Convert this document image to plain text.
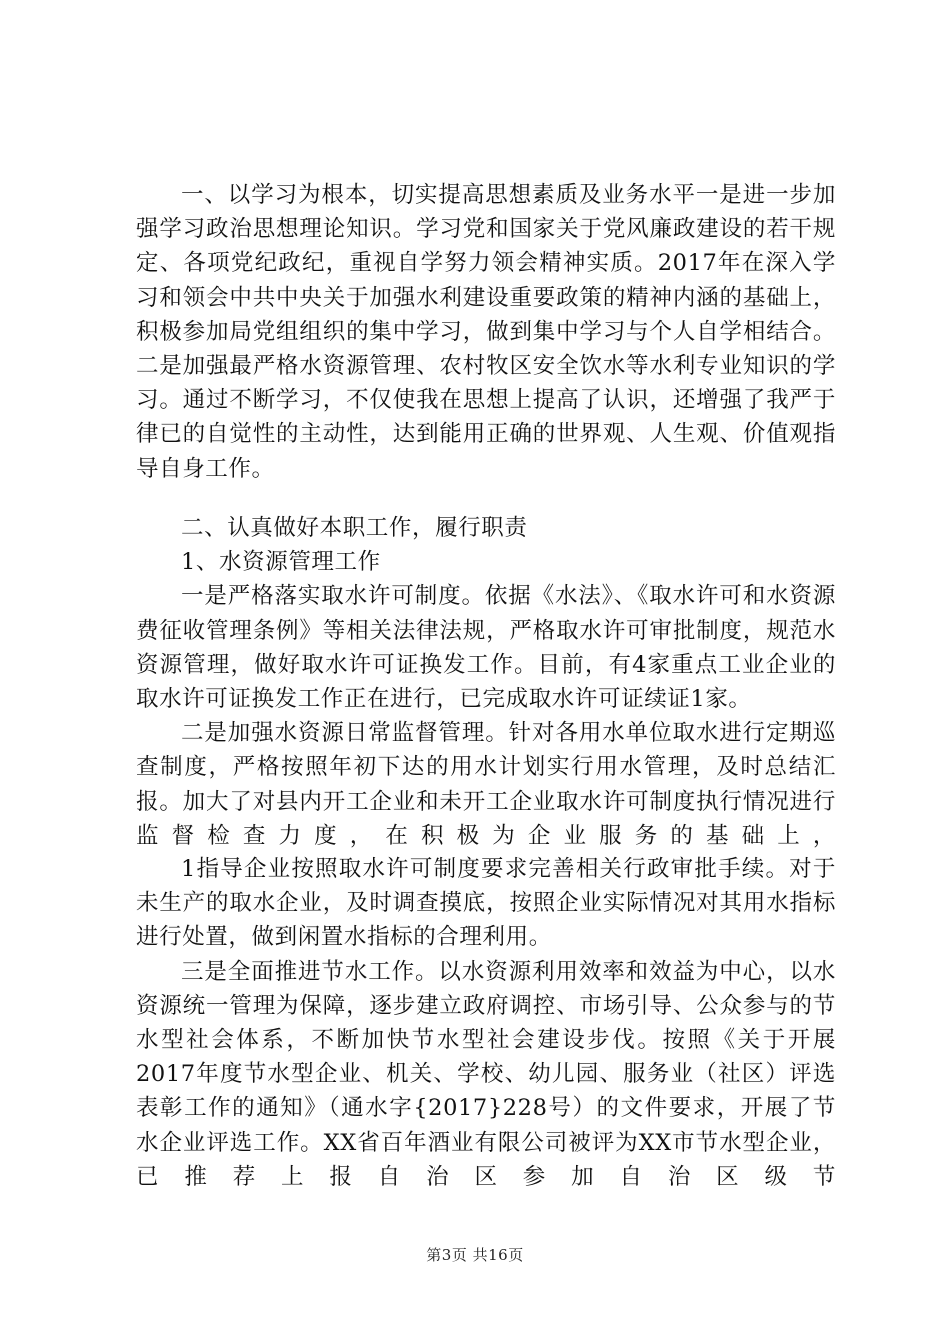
一、以学习为根本，切实提高思想素质及业务水平一是进一步加强学习政治思想理论知识。学习党和国家关于党风廉政建设的若干规定、各项党纪政纪，重视自学努力领会精神实质。2017年在深入学习和领会中共中央关于加强水利建设重要政策的精神内涵的基础上，积极参加局党组组织的集中学习，做到集中学习与个人自学相结合。二是加强最严格水资源管理、农村牧区安全饮水等水利专业知识的学习。通过不断学习，不仅使我在思想上提高了认识，还增强了我严于律已的自觉性的主动性，达到能用正确的世界观、人生观、价值观指导自身工作。

二、认真做好本职工作，履行职责

1、水资源管理工作

一是严格落实取水许可制度。依据《水法》、《取水许可和水资源费征收管理条例》等相关法律法规，严格取水许可审批制度，规范水资源管理，做好取水许可证换发工作。目前，有4家重点工业企业的取水许可证换发工作正在进行，已完成取水许可证续证1家。

二是加强水资源日常监督管理。针对各用水单位取水进行定期巡查制度，严格按照年初下达的用水计划实行用水管理，及时总结汇报。加大了对县内开工企业和未开工企业取水许可制度执行情况进行监督检查力度，在积极为企业服务的基础上，

1指导企业按照取水许可制度要求完善相关行政审批手续。对于未生产的取水企业，及时调查摸底，按照企业实际情况对其用水指标进行处置，做到闲置水指标的合理利用。

三是全面推进节水工作。以水资源利用效率和效益为中心，以水资源统一管理为保障，逐步建立政府调控、市场引导、公众参与的节水型社会体系，不断加快节水型社会建设步伐。按照《关于开展2017年度节水型企业、机关、学校、幼儿园、服务业（社区）评选表彰工作的通知》（通水字{2017}228号）的文件要求，开展了节水企业评选工作。XX省百年酒业有限公司被评为XX市节水型企业，已推荐上报自治区参加自治区级节

第3页 共16页
